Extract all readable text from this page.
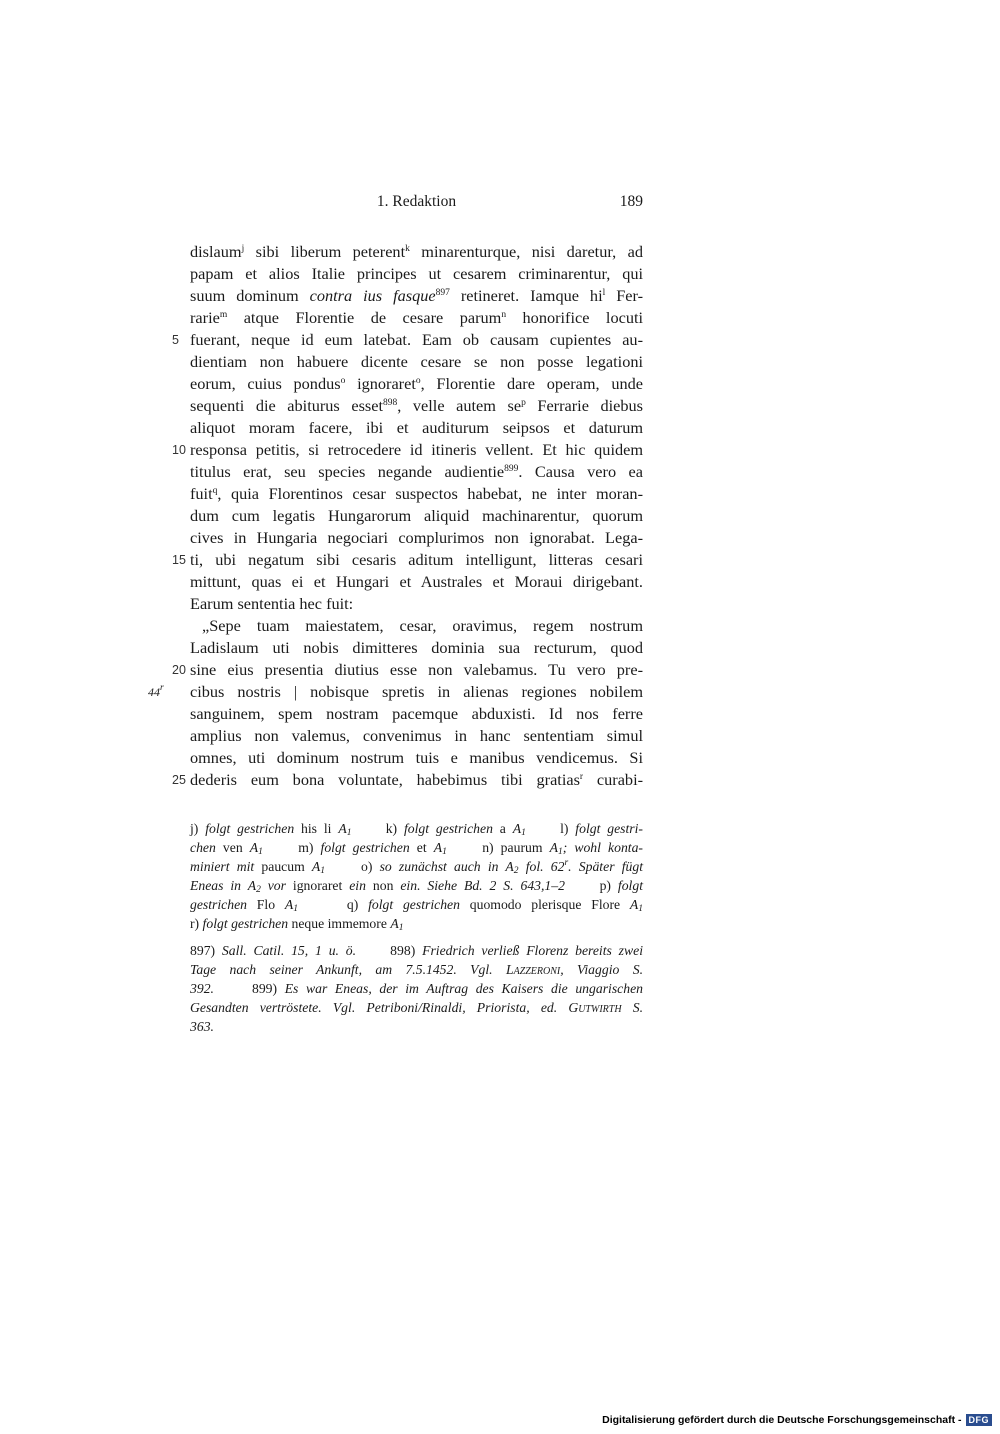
1. Redaktion	189
dislaum$^j$ sibi liberum peterent$^k$ minarenturque, nisi daretur, ad
papam et alios Italie principes ut cesarem criminarentur, qui
suum dominum contra ius fasque$^{897}$ retineret. Iamque $hi^l$ Fer-
rarie$^m$ atque Florentie de cesare parum$^n$ honorifice locuti
5 fuerant, neque id eum latebat. Eam ob causam cupientes au-
dientiam non habuere dicente cesare se non posse legationi
eorum, cuius pondus$^o$ ignoraret$^o$, Florentie dare operam, unde
sequenti die abiturus esset$^{898}$, velle autem $se^p$ Ferrarie diebus
aliquot moram facere, ibi et auditurum seipsos et daturum
10 responsa petitis, si retrocedere id itineris vellent. Et hic quidem
titulus erat, seu species negande audientie$^{899}$. Causa vero ea
fuit$^q$, quia Florentinos cesar suspectos habebat, ne inter moran-
dum cum legatis Hungarorum aliquid machinarentur, quorum
cives in Hungaria negociari complurimos non ignorabat. Lega-
15 ti, ubi negatum sibi cesaris aditum intelligunt, litteras cesari
mittunt, quas ei et Hungari et Australes et Moraui dirigebant.
Earum sententia hec fuit:
„Sepe tuam maiestatem, cesar, oravimus, regem nostrum
Ladislaum uti nobis dimitteres dominia sua recturum, quod
20 sine eius presentia diutius esse non valebamus. Tu vero pre-
44$^r$ cibus nostris | nobisque spretis in alienas regiones nobilem
sanguinem, spem nostram pacemque abduxisti. Id nos ferre
amplius non valemus, convenimus in hanc sententiam simul
omnes, uti dominum nostrum tuis e manibus vendicemus. Si
25 dederis eum bona voluntate, habebimus tibi gratias$^r$ curabi-
j) folgt gestrichen his li $A_1$     k) folgt gestrichen a $A_1$     l) folgt gestri-
chen ven $A_1$     m) folgt gestrichen et $A_1$     n) paurum $A_1$; wohl konta-
miniert mit paucum $A_1$     o) so zunächst auch in $A_2$ fol. 62$^r$. Später fügt
Eneas in $A_2$ vor ignoraret ein non ein. Siehe Bd. 2 S. 643,1–2     p) folgt
gestrichen Flo $A_1$     q) folgt gestrichen quomodo plerisque Flore $A_1$
r) folgt gestrichen neque immemore $A_1$
897) Sall. Catil. 15, 1 u. ö.     898) Friedrich verließ Florenz bereits zwei
Tage nach seiner Ankunft, am 7.5.1452. Vgl. Lazzeroni, Viaggio S.
392.     899) Es war Eneas, der im Auftrag des Kaisers die ungarischen
Gesandten vertröstete. Vgl. Petriboni/Rinaldi, Priorista, ed. Gutwirth S.
363.
Digitalisierung gefördert durch die Deutsche Forschungsgemeinschaft - DFG
